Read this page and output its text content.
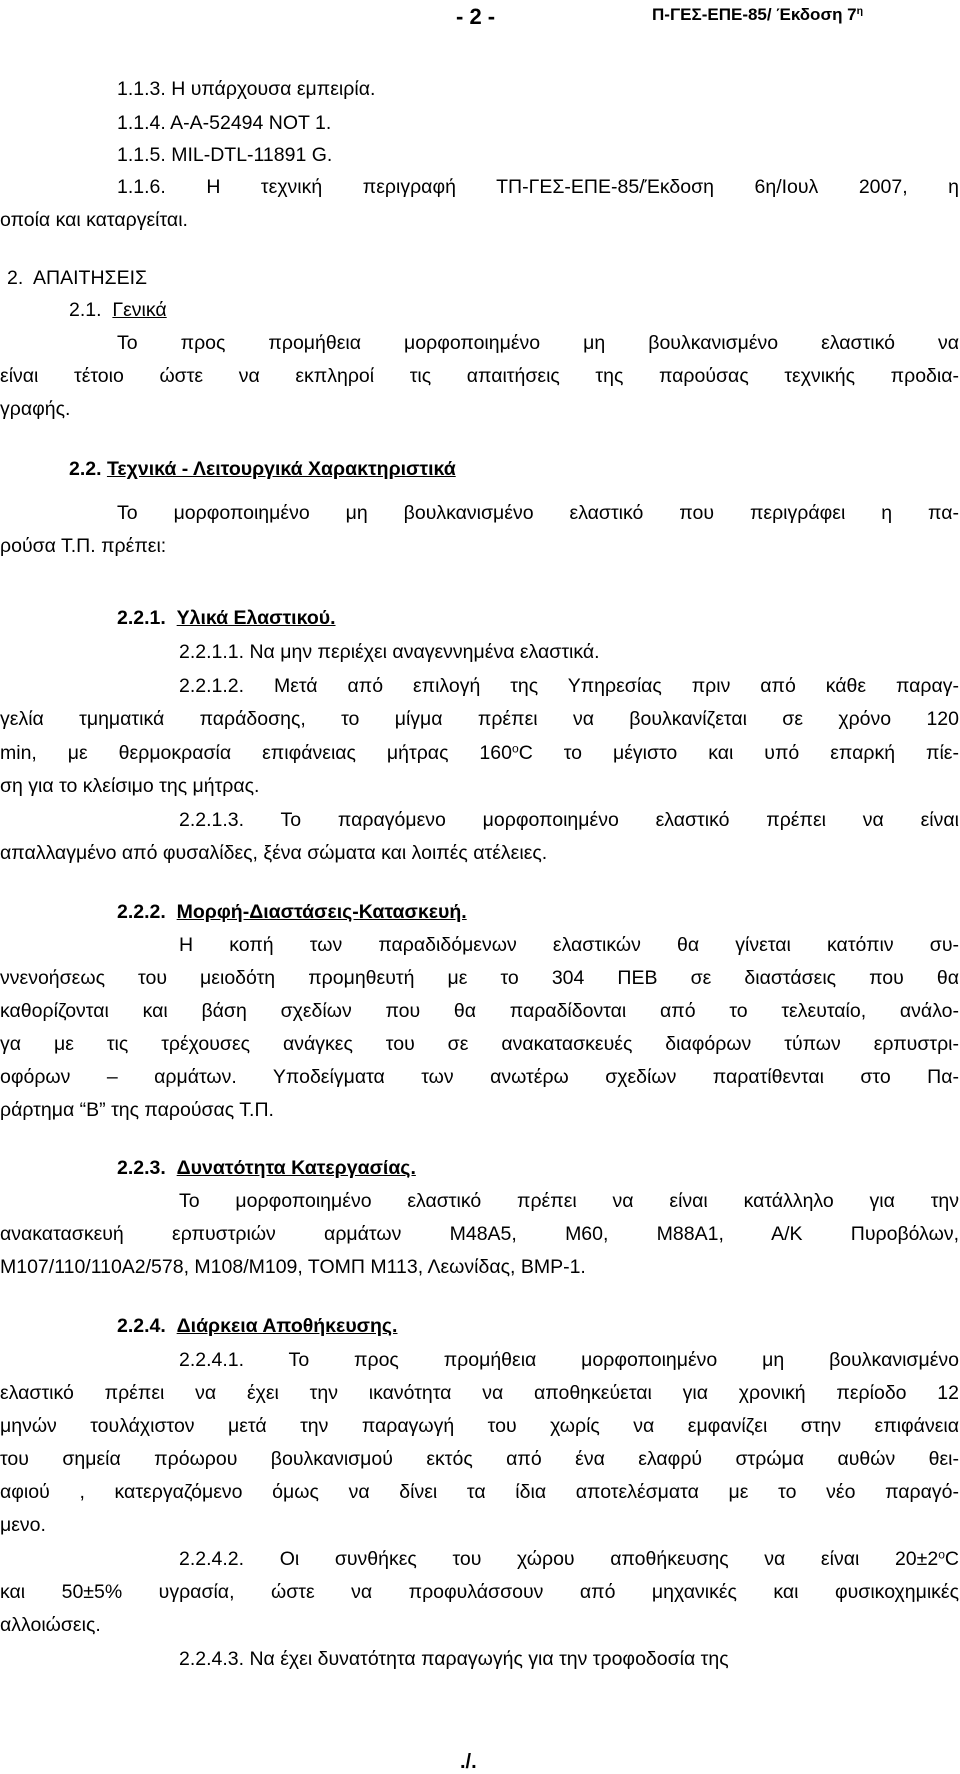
- 2 -	Π-ΓΕΣ-ΕΠΕ-85/ Έκδοση $7^\eta$
1.1.3. Η υπάρχουσα εμπειρία.
1.1.4. Α-Α-52494 ΝΟΤ 1.
1.1.5. MIL-DTL-11891 G.
1.1.6. Η τεχνική περιγραφή ΤΠ-ΓΕΣ-ΕΠΕ-85/Έκδοση 6η/Ιουλ 2007, η
οποία και καταργείται.
2.  ΑΠΑΙΤΗΣΕΙΣ
2.1. Γενικά
Το προς προμήθεια μορφοποιημένο μη βουλκανισμένο ελαστικό να
είναι τέτοιο ώστε να εκπληροί τις απαιτήσεις της παρούσας τεχνικής προδια-
γραφής.
2.2. Τεχνικά - Λειτουργικά Χαρακτηριστικά
Το μορφοποιημένο μη βουλκανισμένο ελαστικό που περιγράφει η πα-
ρούσα Τ.Π. πρέπει:
2.2.1. Υλικά Ελαστικού.
2.2.1.1. Να μην περιέχει αναγεννημένα ελαστικά.
2.2.1.2. Μετά από επιλογή της Υπηρεσίας πριν από κάθε παραγ-
γελία τμηματικά παράδοσης, το μίγμα πρέπει να βουλκανίζεται σε χρόνο 120
min, με θερμοκρασία επιφάνειας μήτρας $160^oC$ το μέγιστο και υπό επαρκή πίε-
ση για το κλείσιμο της μήτρας.
2.2.1.3. Το παραγόμενο μορφοποιημένο ελαστικό πρέπει να είναι
απαλλαγμένο από φυσαλίδες, ξένα σώματα και λοιπές ατέλειες.
2.2.2. Μορφή-Διαστάσεις-Κατασκευή.
Η κοπή των παραδιδόμενων ελαστικών θα γίνεται κατόπιν συ-
ννενοήσεως του μειοδότη προμηθευτή με το 304 ΠΕΒ σε διαστάσεις που θα
καθορίζονται και βάση σχεδίων που θα παραδίδονται από το τελευταίο, ανάλο-
γα με τις τρέχουσες ανάγκες του σε ανακατασκευές διαφόρων τύπων ερπυστρι-
οφόρων – αρμάτων. Υποδείγματα των ανωτέρω σχεδίων παρατίθενται στο Πα-
ράρτημα “Β” της παρούσας Τ.Π.
2.2.3. Δυνατότητα Κατεργασίας.
Το μορφοποιημένο ελαστικό πρέπει να είναι κατάλληλο για την
ανακατασκευή ερπυστριών αρμάτων Μ48Α5, Μ60, Μ88Α1, Α/Κ Πυροβόλων,
Μ107/110/110Α2/578, Μ108/Μ109, ΤΟΜΠ Μ113, Λεωνίδας, ΒΜΡ-1.
2.2.4. Διάρκεια Αποθήκευσης.
2.2.4.1. Το προς προμήθεια μορφοποιημένο μη βουλκανισμένο
ελαστικό πρέπει να έχει την ικανότητα να αποθηκεύεται για χρονική περίοδο 12
μηνών τουλάχιστον μετά την παραγωγή του χωρίς να εμφανίζει στην επιφάνεια
του σημεία πρόωρου βουλκανισμού εκτός από ένα ελαφρύ στρώμα αυθών θει-
αφιού , κατεργαζόμενο όμως να δίνει τα ίδια αποτελέσματα με το νέο παραγό-
μενο.
2.2.4.2. Οι συνθήκες του χώρου αποθήκευσης να είναι $20\pm 2^oC$
και 50±5% υγρασία, ώστε να προφυλάσσουν από μηχανικές και φυσικοχημικές
αλλοιώσεις.
2.2.4.3. Να έχει δυνατότητα παραγωγής για την τροφοδοσία της
./.
